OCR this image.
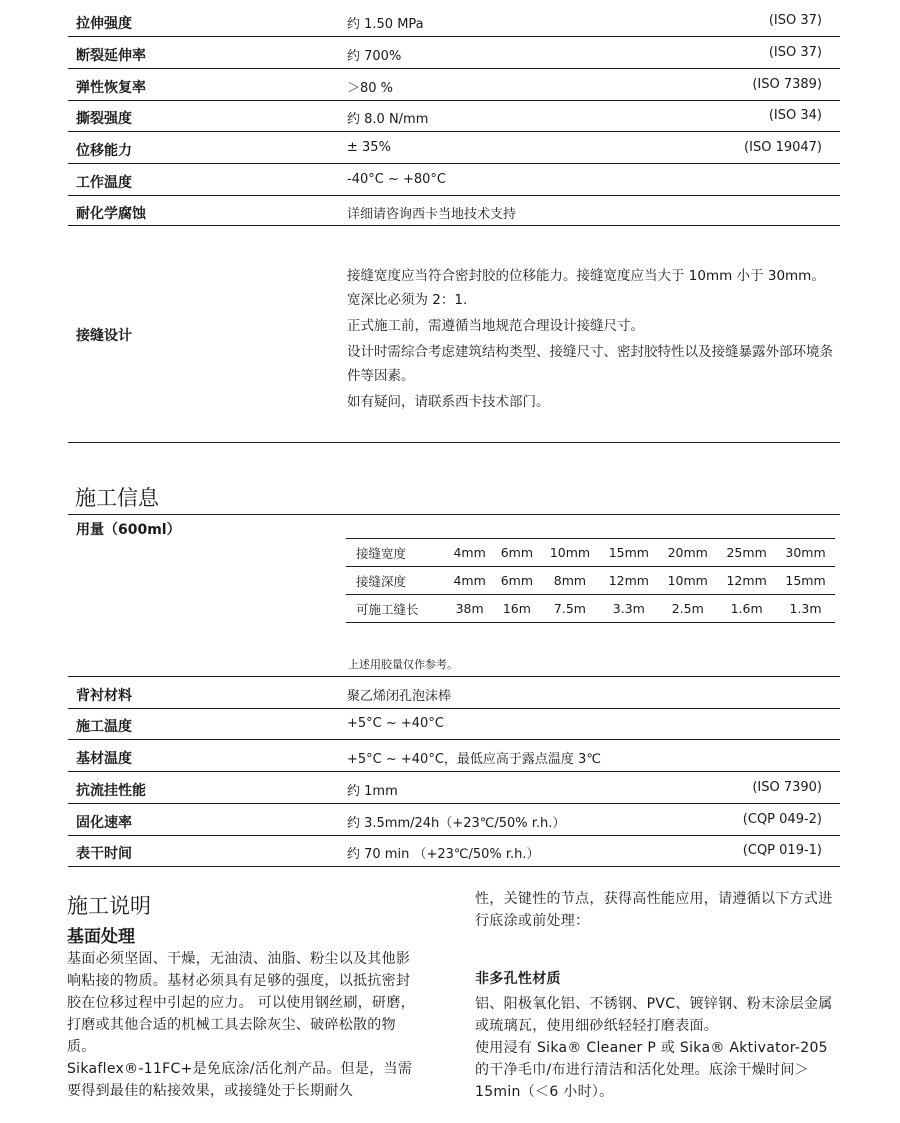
拉伸强度	约 1.50 MPa	(ISO 37)
断裂延伸率	约 700%	(ISO 37)
弹性恢复率	＞80 %	(ISO 7389)
撕裂强度	约 8.0 N/mm	(ISO 34)
位移能力	± 35%	(ISO 19047)
工作温度	-40°C ~ +80°C
耐化学腐蚀	详细请咨询西卡当地技术支持
接缝设计

接缝宽度应当符合密封胶的位移能力。接缝宽度应当大于 10mm 小于 30mm。宽深比必须为 2：1.

正式施工前，需遵循当地规范合理设计接缝尺寸。

设计时需综合考虑建筑结构类型、接缝尺寸、密封胶特性以及接缝暴露外部环境条件等因素。

如有疑问，请联系西卡技术部门。

施工信息
用量（600ml）
接缝宽度	4mm	6mm	10mm	15mm	20mm	25mm	30mm
接缝深度	4mm	6mm	8mm	12mm	10mm	12mm	15mm
可施工缝长	38m	16m	7.5m	3.3m	2.5m	1.6m	1.3m
上述用胶量仅作参考。
背衬材料	聚乙烯闭孔泡沫棒
施工温度	+5°C ~ +40°C
基材温度	+5°C ~ +40°C，最低应高于露点温度 3℃
抗流挂性能	约 1mm	(ISO 7390)
固化速率	约 3.5mm/24h（+23℃/50% r.h.）	(CQP 049-2)
表干时间	约 70 min （+23℃/50% r.h.）	(CQP 019-1)
施工说明
基面处理

基面必须坚固、干燥，无油渍、油脂、粉尘以及其他影响粘接的物质。基材必须具有足够的强度，以抵抗密封胶在位移过程中引起的应力。 可以使用钢丝刷，研磨，打磨或其他合适的机械工具去除灰尘、破碎松散的物质。

Sikaflex®-11FC+是免底涂/活化剂产品。但是，当需要得到最佳的粘接效果，或接缝处于长期耐久

性，关键性的节点，获得高性能应用，请遵循以下方式进行底涂或前处理：

非多孔性材质

铝、阳极氧化铝、不锈钢、PVC、镀锌钢、粉末涂层金属或琉璃瓦，使用细砂纸轻轻打磨表面。

使用浸有 Sika® Cleaner P 或 Sika® Aktivator-205 的干净毛巾/布进行清洁和活化处理。底涂干燥时间＞15min（＜6 小时）。
